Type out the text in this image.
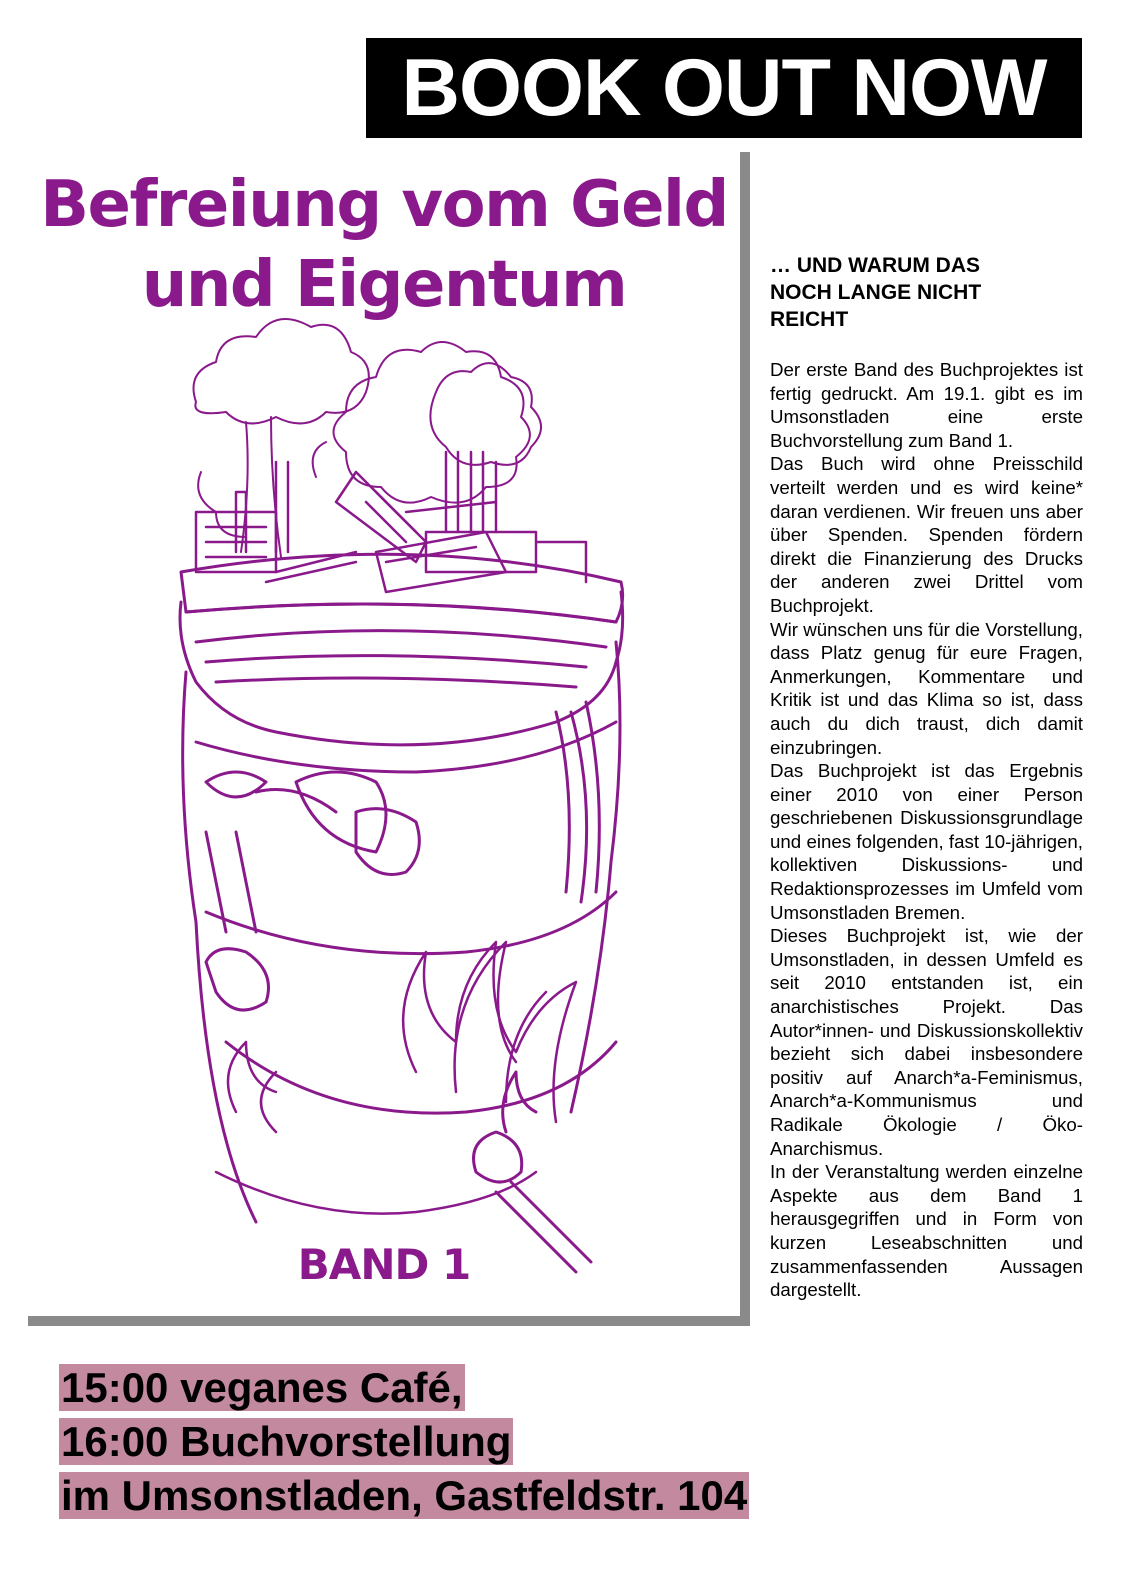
BOOK OUT NOW
Befreiung vom Geld
und Eigentum
BAND 1
… UND WARUM DAS
NOCH LANGE NICHT
REICHT

Der erste Band des Buchprojektes ist fertig gedruckt. Am 19.1. gibt es im Umsonstladen eine erste Buchvorstellung zum Band 1.

Das Buch wird ohne Preisschild verteilt werden und es wird keine* daran verdienen. Wir freuen uns aber über Spenden. Spenden fördern direkt die Finanzierung des Drucks der anderen zwei Drittel vom Buchprojekt.

Wir wünschen uns für die Vorstellung, dass Platz genug für eure Fragen, Anmerkungen, Kommentare und Kritik ist und das Klima so ist, dass auch du dich traust, dich damit einzubringen.

Das Buchprojekt ist das Ergebnis einer 2010 von einer Person geschriebenen Diskussionsgrundlage und eines folgenden, fast 10-jährigen, kollektiven Diskussions- und Redaktionsprozesses im Umfeld vom Umsonstladen Bremen.

Dieses Buchprojekt ist, wie der Umsonstladen, in dessen Umfeld es seit 2010 entstanden ist, ein anarchistisches Projekt. Das Autor*innen- und Diskussionskollektiv bezieht sich dabei insbesondere positiv auf Anarch*a-Feminismus, Anarch*a-Kommunismus und Radikale Ökologie / Öko-Anarchismus.

In der Veranstaltung werden einzelne Aspekte aus dem Band 1 herausgegriffen und in Form von kurzen Leseabschnitten und zusammenfassenden Aussagen dargestellt.

15:00 veganes Café,
16:00 Buchvorstellung
im Umsonstladen, Gastfeldstr. 104
